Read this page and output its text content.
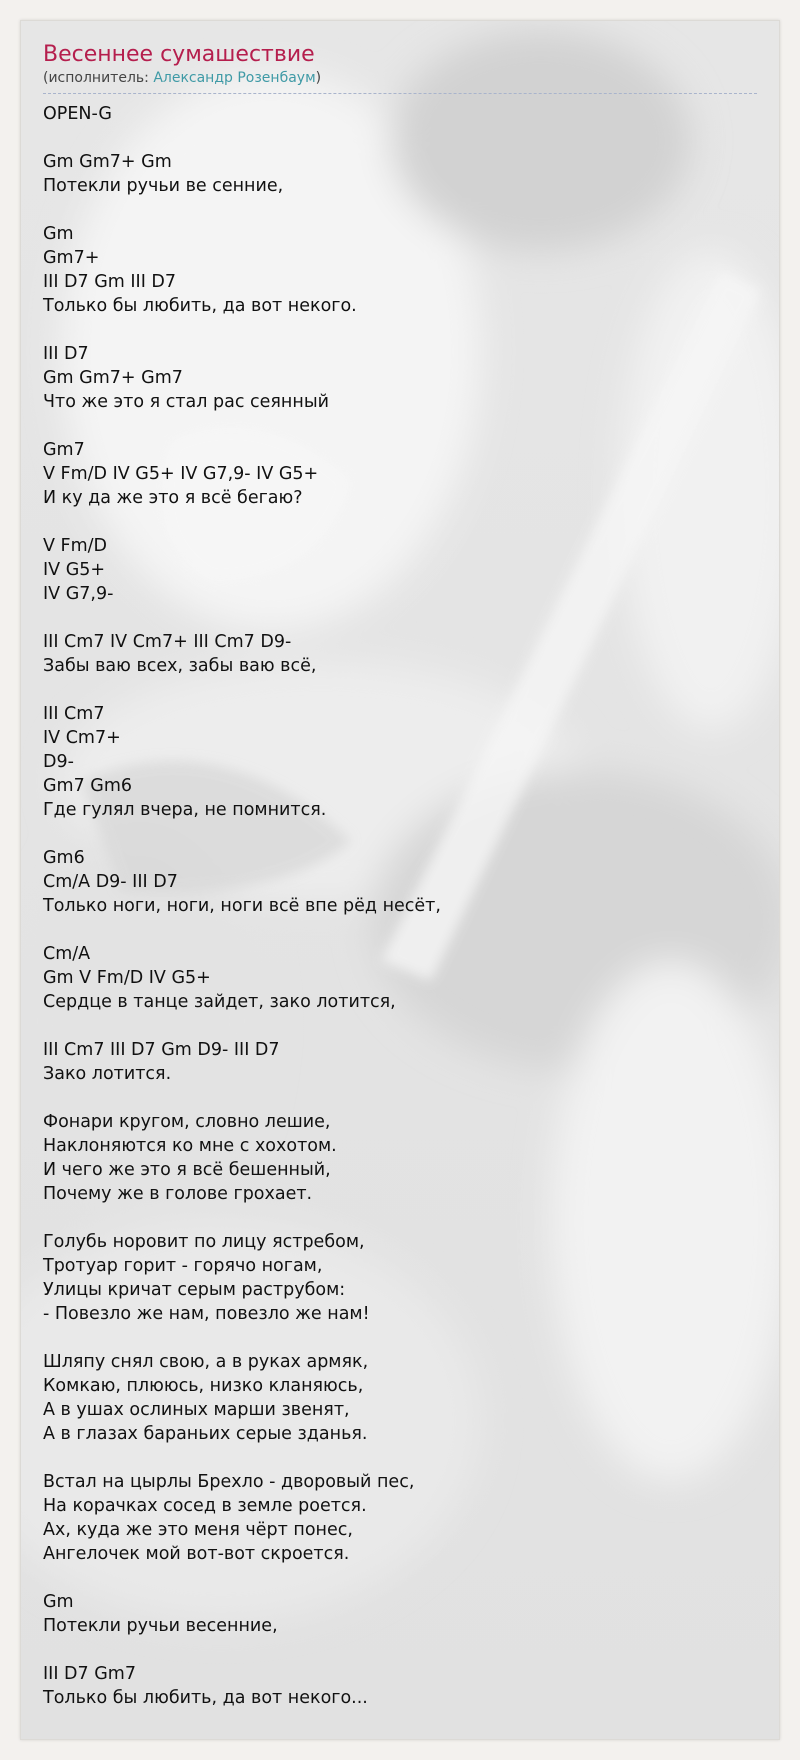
Весеннее сумашествие
(исполнитель: Александр Розенбаум)
OPEN-G
Gm Gm7+ Gm
Потекли ручьи ве сенние,
Gm
Gm7+
III D7 Gm III D7
Только бы любить, да вот некого.
III D7
Gm Gm7+ Gm7
Что же это я стал рас сеянный
Gm7
V Fm/D IV G5+ IV G7,9- IV G5+
И ку да же это я всё бегаю?
V Fm/D
IV G5+
IV G7,9-
III Cm7 IV Cm7+ III Cm7 D9-
Забы ваю всех, забы ваю всё,
III Cm7
IV Cm7+
D9-
Gm7 Gm6
Где гулял вчера, не помнится.
Gm6
Cm/A D9- III D7
Только ноги, ноги, ноги всё впе рёд несёт,
Cm/A
Gm V Fm/D IV G5+
Сердце в танце зайдет, зако лотится,
III Cm7 III D7 Gm D9- III D7
Зако лотится.
Фонари кругом, словно лешие,
Наклоняются ко мне с хохотом.
И чего же это я всё бешенный,
Почему же в голове грохает.
Голубь норовит по лицу ястребом,
Тротуар горит - горячо ногам,
Улицы кричат серым раструбом:
- Повезло же нам, повезло же нам!
Шляпу снял свою, а в руках армяк,
Комкаю, плююсь, низко кланяюсь,
А в ушах ослиных марши звенят,
А в глазах бараньих серые зданья.
Встал на цырлы Брехло - дворовый пес,
На корачках сосед в земле роется.
Ах, куда же это меня чёрт понес,
Ангелочек мой вот-вот скроется.
Gm
Потекли ручьи весенние,
III D7 Gm7
Только бы любить, да вот некого...
